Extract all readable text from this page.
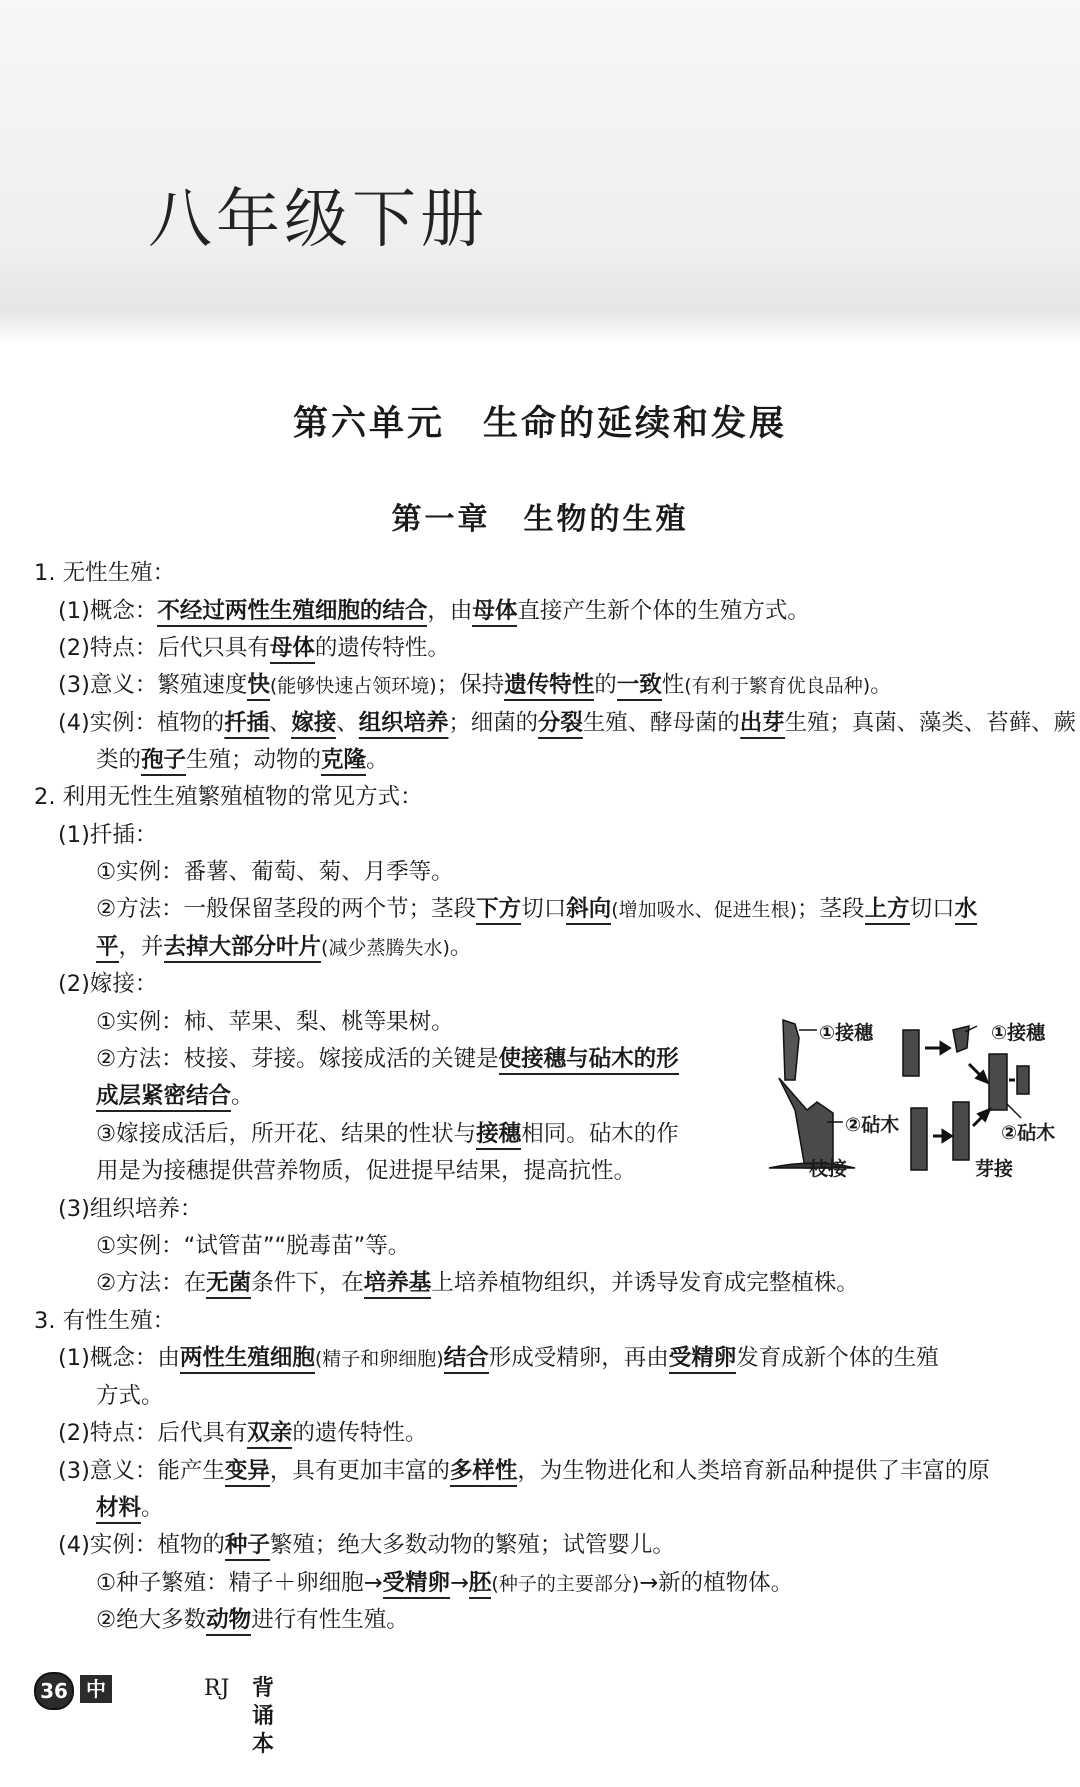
八年级下册
第六单元　生命的延续和发展
第一章　生物的生殖
1. 无性生殖：
(1)概念：不经过两性生殖细胞的结合，由母体直接产生新个体的生殖方式。
(2)特点：后代只具有母体的遗传特性。
(3)意义：繁殖速度快(能够快速占领环境)；保持遗传特性的一致性(有利于繁育优良品种)。
(4)实例：植物的扦插、嫁接、组织培养；细菌的分裂生殖、酵母菌的出芽生殖；真菌、藻类、苔藓、蕨
类的孢子生殖；动物的克隆。
2. 利用无性生殖繁殖植物的常见方式：
(1)扦插：
①实例：番薯、葡萄、菊、月季等。
②方法：一般保留茎段的两个节；茎段下方切口斜向(增加吸水、促进生根)；茎段上方切口水
平，并去掉大部分叶片(减少蒸腾失水)。
(2)嫁接：
①实例：柿、苹果、梨、桃等果树。
②方法：枝接、芽接。嫁接成活的关键是使接穗与砧木的形
成层紧密结合。
③嫁接成活后，所开花、结果的性状与接穗相同。砧木的作
用是为接穗提供营养物质，促进提早结果，提高抗性。
(3)组织培养：
①实例：“试管苗”“脱毒苗”等。
②方法：在无菌条件下，在培养基上培养植物组织，并诱导发育成完整植株。
3. 有性生殖：
(1)概念：由两性生殖细胞(精子和卵细胞)结合形成受精卵，再由受精卵发育成新个体的生殖
方式。
(2)特点：后代具有双亲的遗传特性。
(3)意义：能产生变异，具有更加丰富的多样性，为生物进化和人类培育新品种提供了丰富的原
材料。
(4)实例：植物的种子繁殖；绝大多数动物的繁殖；试管婴儿。
①种子繁殖：精子＋卵细胞→受精卵→胚(种子的主要部分)→新的植物体。
②绝大多数动物进行有性生殖。
①接穗
②砧木
枝接
①接穗
②砧木
芽接
36 中考生物
RJ 背诵本
